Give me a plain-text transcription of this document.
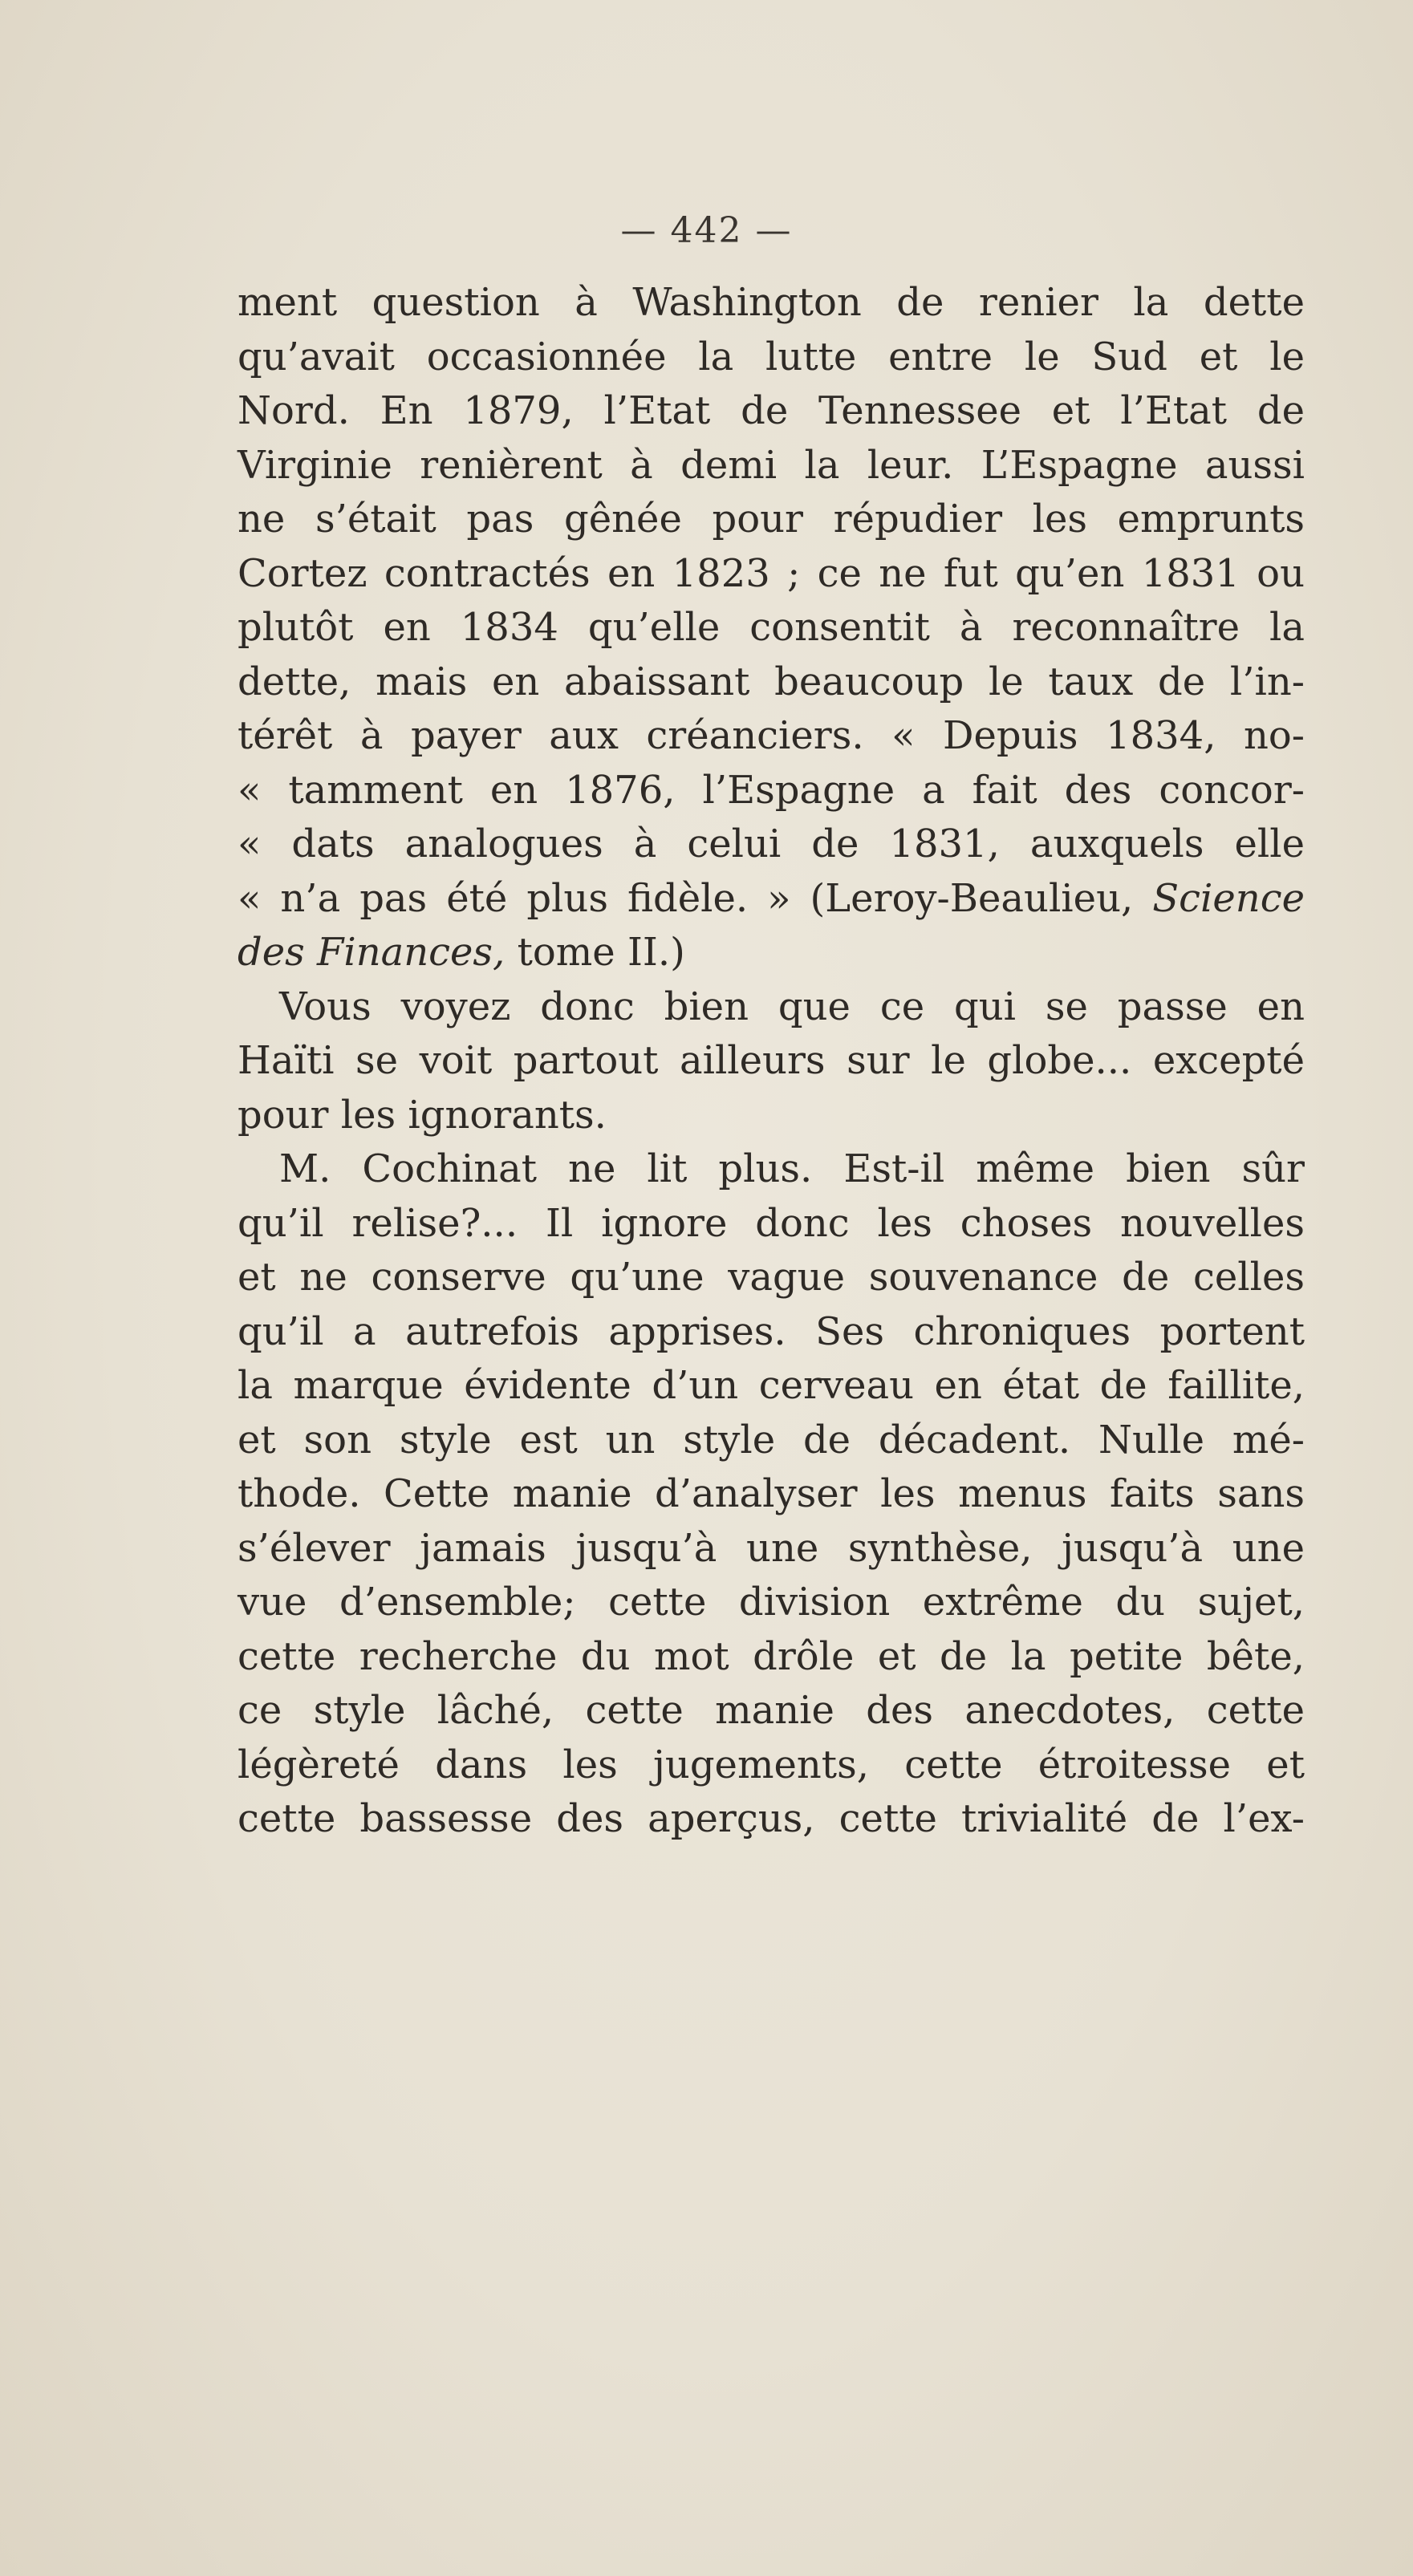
— 442 —
ment question à Washington de renier la dette
qu’avait occasionnée la lutte entre le Sud et le
Nord. En 1879, l’Etat de Tennessee et l’Etat de
Virginie renièrent à demi la leur. L’Espagne aussi
ne s’était pas gênée pour répudier les emprunts
Cortez contractés en 1823 ; ce ne fut qu’en 1831 ou
plutôt en 1834 qu’elle consentit à reconnaître la
dette, mais en abaissant beaucoup le taux de l’in-
térêt à payer aux créanciers. « Depuis 1834, no-
« tamment en 1876, l’Espagne a fait des concor-
« dats analogues à celui de 1831, auxquels elle
« n’a pas été plus fidèle. » (Leroy-Beaulieu, Science
des Finances, tome II.)
Vous voyez donc bien que ce qui se passe en
Haïti se voit partout ailleurs sur le globe... excepté
pour les ignorants.
M. Cochinat ne lit plus. Est-il même bien sûr
qu’il relise?... Il ignore donc les choses nouvelles
et ne conserve qu’une vague souvenance de celles
qu’il a autrefois apprises. Ses chroniques portent
la marque évidente d’un cerveau en état de faillite,
et son style est un style de décadent. Nulle mé-
thode. Cette manie d’analyser les menus faits sans
s’élever jamais jusqu’à une synthèse, jusqu’à une
vue d’ensemble; cette division extrême du sujet,
cette recherche du mot drôle et de la petite bête,
ce style lâché, cette manie des anecdotes, cette
légèreté dans les jugements, cette étroitesse et
cette bassesse des aperçus, cette trivialité de l’ex-
